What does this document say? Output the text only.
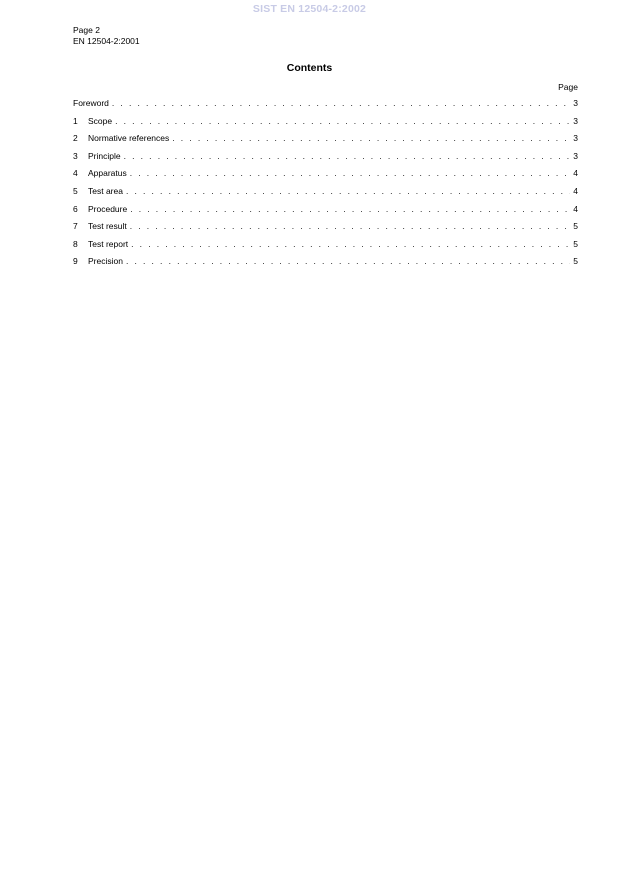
SIST EN 12504-2:2002
Page 2
EN 12504-2:2001
Contents
Page
Foreword . . .	3
1	Scope . . .	3
2	Normative references . . .	3
3	Principle . . .	3
4	Apparatus . . .	4
5	Test area . . .	4
6	Procedure . . .	4
7	Test result . . .	5
8	Test report . . .	5
9	Precision . . .	5
